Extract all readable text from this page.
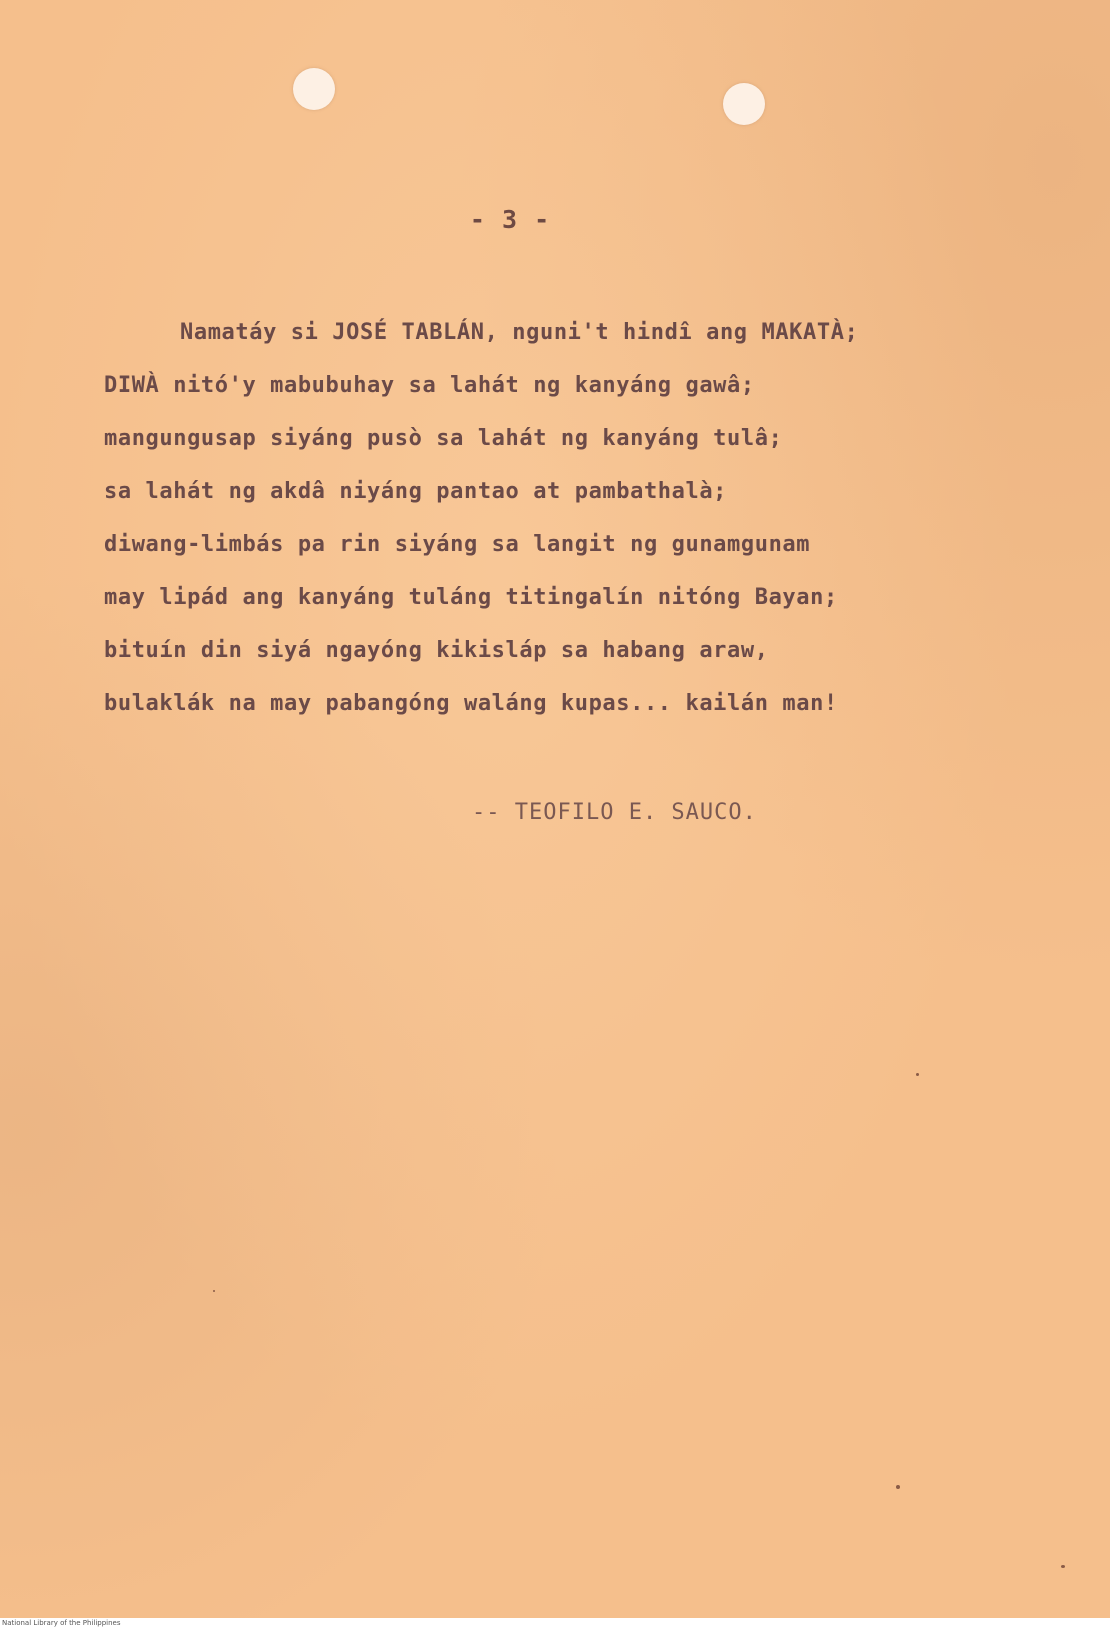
- 3 -
Namatáy si JOSÉ TABLÁN, nguni't hindî ang MAKATÀ;
DIWÀ nitó'y mabubuhay sa lahát ng kanyáng gawâ;
mangungusap siyáng pusò sa lahát ng kanyáng tulâ;
sa lahát ng akdâ niyáng pantao at pambathalà;
diwang-limbás pa rin siyáng sa langit ng gunamgunam
may lipád ang kanyáng tuláng titingalín nitóng Bayan;
bituín din siyá ngayóng kikisláp sa habang araw,
bulaklák na may pabangóng waláng kupas... kailán man!
-- TEOFILO E. SAUCO.
National Library of the Philippines
